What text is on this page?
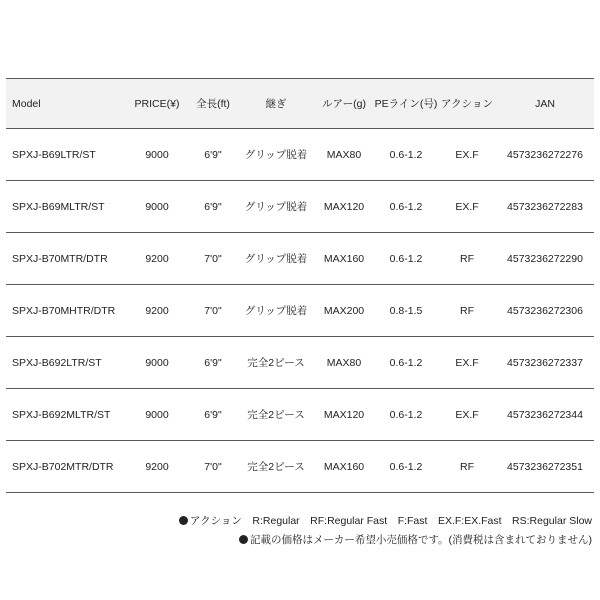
Model	PRICE(¥)	全長(ft)	継ぎ	ルアー(g)	PEライン(号)	アクション	JAN
SPXJ-B69LTR/ST	9000	6'9"	グリップ脱着	MAX80	0.6-1.2	EX.F	4573236272276
SPXJ-B69MLTR/ST	9000	6'9"	グリップ脱着	MAX120	0.6-1.2	EX.F	4573236272283
SPXJ-B70MTR/DTR	9200	7'0"	グリップ脱着	MAX160	0.6-1.2	RF	4573236272290
SPXJ-B70MHTR/DTR	9200	7'0"	グリップ脱着	MAX200	0.8-1.5	RF	4573236272306
SPXJ-B692LTR/ST	9000	6'9"	完全2ピース	MAX80	0.6-1.2	EX.F	4573236272337
SPXJ-B692MLTR/ST	9000	6'9"	完全2ピース	MAX120	0.6-1.2	EX.F	4573236272344
SPXJ-B702MTR/DTR	9200	7'0"	完全2ピース	MAX160	0.6-1.2	RF	4573236272351
アクション　R:Regular　RF:Regular Fast　F:Fast　EX.F:EX.Fast　RS:Regular Slow
記載の価格はメーカー希望小売価格です。(消費税は含まれておりません)
